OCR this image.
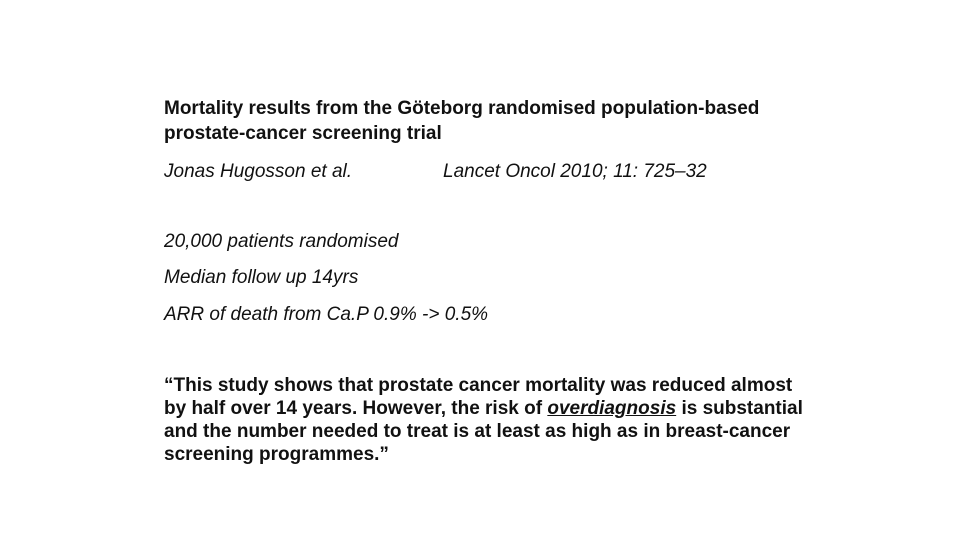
Mortality results from the Göteborg randomised population-based prostate-cancer screening trial

Jonas Hugosson et al.	Lancet Oncol 2010; 11: 725–32

20,000 patients randomised

Median follow up 14yrs

ARR of death from Ca.P 0.9% -> 0.5%

“This study shows that prostate cancer mortality was reduced almost by half over 14 years. However, the risk of overdiagnosis is substantial and the number needed to treat is at least as high as in breast-cancer screening programmes.”
